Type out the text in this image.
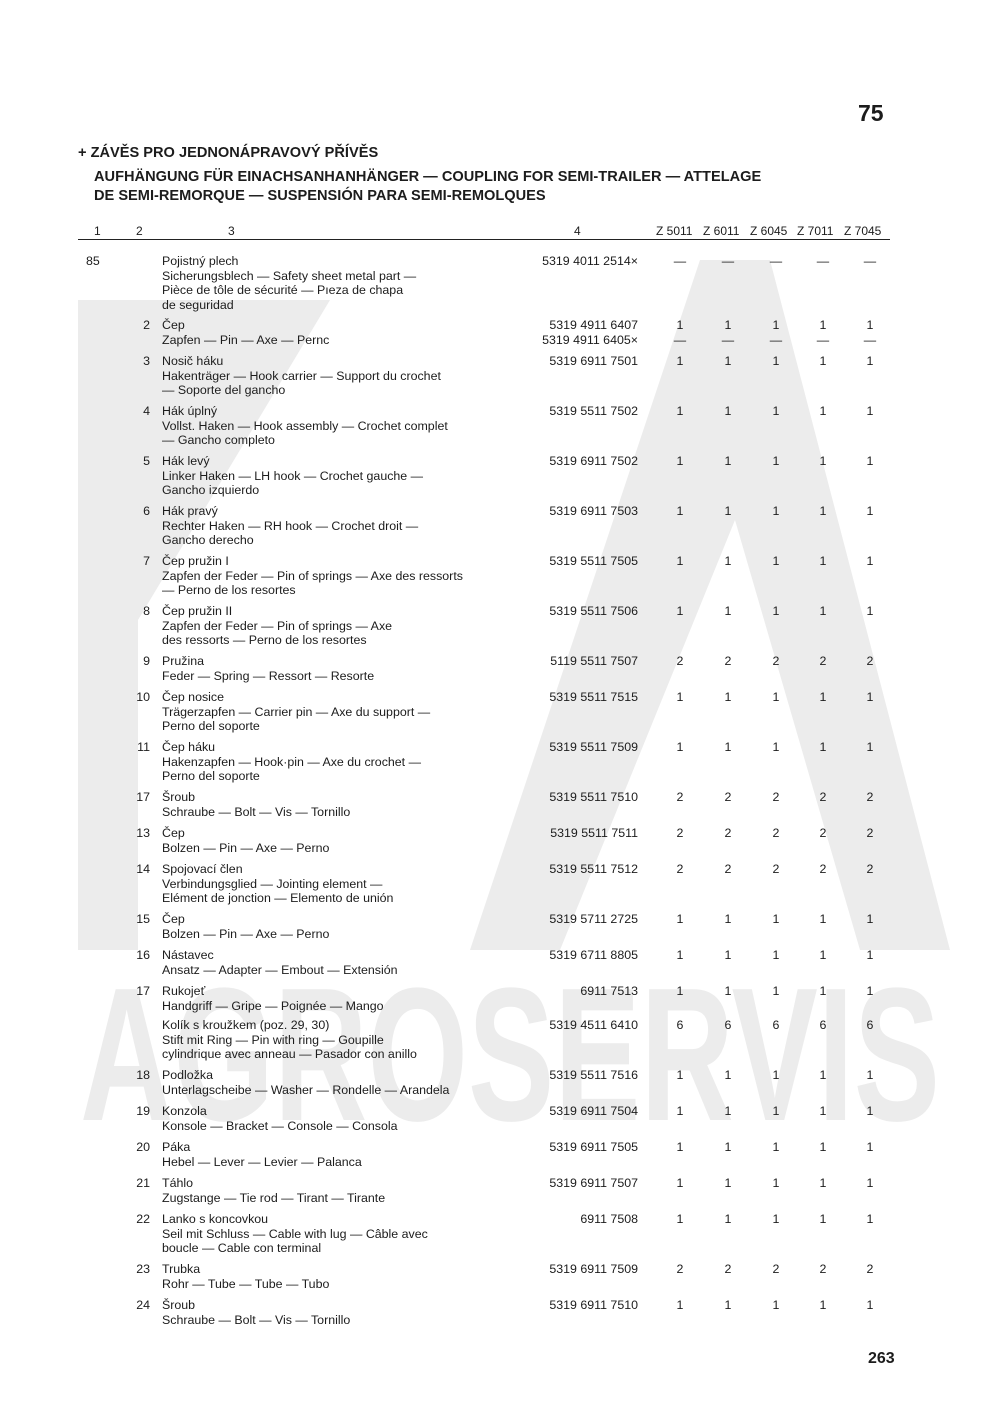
AGROSERVIS
75
+ ZÁVĚS PRO JEDNONÁPRAVOVÝ PŘÍVĚS
AUFHÄNGUNG FÜR EINACHSANHANHÄNGER — COUPLING FOR SEMI-TRAILER — ATTELAGE
DE SEMI-REMORQUE — SUSPENSIÓN PARA SEMI-REMOLQUES
1	2	3	4	Z 5011 Z 6011 Z 6045 Z 7011 Z 7045
85	Pojistný plech
Sicherungsblech — Safety sheet metal part —
Pièce de tôle de sécurité — Pıeza de chapa
de seguridad
5319 4011 2514×	—	—	—	—	—
2 Čep
Zapfen — Pin — Axe — Pernc
5319 4911 6407	1	1	1	1	1
5319 4911 6405×	—	—	—	—	—
3 Nosič háku
Hakenträger — Hook carrier — Support du crochet
— Soporte del gancho
5319 6911 7501	1	1	1	1	1
4 Hák úplný
Vollst. Haken — Hook assembly — Crochet complet
— Gancho completo
5319 5511 7502	1	1	1	1	1
5 Hák levý
Linker Haken — LH hook — Crochet gauche —
Gancho izquierdo
5319 6911 7502	1	1	1	1	1
6 Hák pravý
Rechter Haken — RH hook — Crochet droit —
Gancho derecho
5319 6911 7503	1	1	1	1	1
7 Čep pružin I
Zapfen der Feder — Pin of springs — Axe des ressorts
— Perno de los resortes
5319 5511 7505	1	1	1	1	1
8 Čep pružin II
Zapfen der Feder — Pin of springs — Axe
des ressorts — Perno de los resortes
5319 5511 7506	1	1	1	1	1
9 Pružina
Feder — Spring — Ressort — Resorte
5119 5511 7507	2	2	2	2	2
10 Čep nosice
Trägerzapfen — Carrier pin — Axe du support —
Perno del soporte
5319 5511 7515	1	1	1	1	1
11 Čep háku
Hakenzapfen — Hook·pin — Axe du crochet —
Perno del soporte
5319 5511 7509	1	1	1	1	1
17 Šroub
Schraube — Bolt — Vis — Tornillo
5319 5511 7510	2	2	2	2	2
13 Čep
Bolzen — Pin — Axe — Perno
5319 5511 7511	2	2	2	2	2
14 Spojovací člen
Verbindungsglied — Jointing element —
Elément de jonction — Elemento de unión
5319 5511 7512	2	2	2	2	2
15 Čep
Bolzen — Pin — Axe — Perno
5319 5711 2725	1	1	1	1	1
16 Nástavec
Ansatz — Adapter — Embout — Extensión
5319 6711 8805	1	1	1	1	1
17 Rukojeť
Handgriff — Gripe — Poignée — Mango
6911 7513	1	1	1	1	1
Kolík s kroužkem (poz. 29, 30)
Stift mit Ring — Pin with ring — Goupille
cylindrique avec anneau — Pasador con anillo
5319 4511 6410	6	6	6	6	6
18 Podložka
Unterlagscheibe — Washer — Rondelle — Arandela
5319 5511 7516	1	1	1	1	1
19 Konzola
Konsole — Bracket — Console — Consola
5319 6911 7504	1	1	1	1	1
20 Páka
Hebel — Lever — Levier — Palanca
5319 6911 7505	1	1	1	1	1
21 Táhlo
Zugstange — Tie rod — Tirant — Tirante
5319 6911 7507	1	1	1	1	1
22 Lanko s koncovkou
Seil mit Schluss — Cable with lug — Câble avec
boucle — Cable con terminal
6911 7508	1	1	1	1	1
23 Trubka
Rohr — Tube — Tube — Tubo
5319 6911 7509	2	2	2	2	2
24 Šroub
Schraube — Bolt — Vis — Tornillo
5319 6911 7510	1	1	1	1	1
263
